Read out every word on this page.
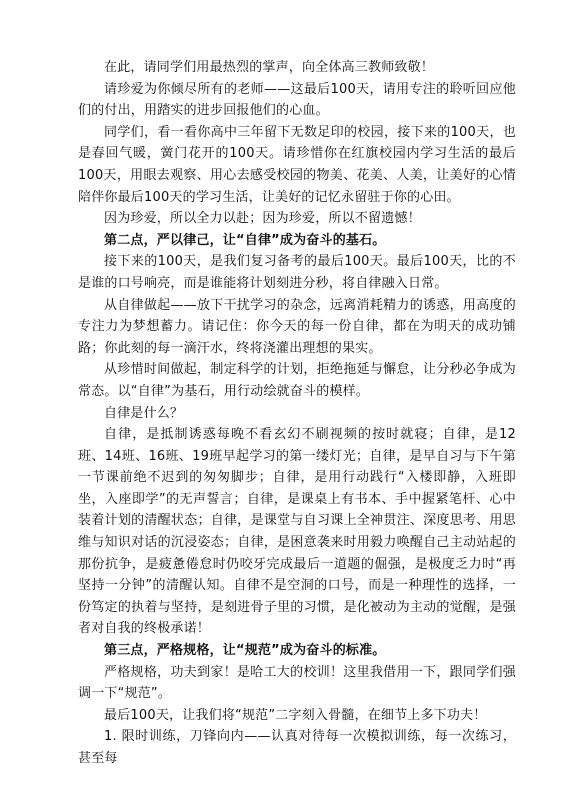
在此，请同学们用最热烈的掌声，向全体高三教师致敬！

请珍爱为你倾尽所有的老师——这最后100天，请用专注的聆听回应他们的付出，用踏实的进步回报他们的心血。

同学们，看一看你高中三年留下无数足印的校园，接下来的100天，也是春回气暖，黉门花开的100天。请珍惜你在红旗校园内学习生活的最后100天，用眼去观察、用心去感受校园的物美、花美、人美，让美好的心情陪伴你最后100天的学习生活，让美好的记忆永留驻于你的心田。

因为珍爱，所以全力以赴；因为珍爱，所以不留遗憾！

第二点，严以律己，让“自律”成为奋斗的基石。

接下来的100天，是我们复习备考的最后100天。最后100天，比的不是谁的口号响亮，而是谁能将计划刻进分秒，将自律融入日常。

从自律做起——放下干扰学习的杂念，远离消耗精力的诱惑，用高度的专注力为梦想蓄力。请记住：你今天的每一份自律，都在为明天的成功铺路；你此刻的每一滴汗水，终将浇灌出理想的果实。

从珍惜时间做起，制定科学的计划，拒绝拖延与懈怠，让分秒必争成为常态。以“自律”为基石，用行动绘就奋斗的模样。

自律是什么？

自律，是抵制诱惑每晚不看玄幻不刷视频的按时就寝；自律，是12班、14班、16班、19班早起学习的第一缕灯光；自律，是早自习与下午第一节课前绝不迟到的匆匆脚步；自律，是用行动践行“入楼即静，入班即坐，入座即学”的无声誓言；自律，是课桌上有书本、手中握紧笔杆、心中装着计划的清醒状态；自律，是课堂与自习课上全神贯注、深度思考、用思维与知识对话的沉浸姿态；自律，是困意袭来时用毅力唤醒自己主动站起的那份抗争，是疲惫倦怠时仍咬牙完成最后一道题的倔强，是极度乏力时“再坚持一分钟”的清醒认知。自律不是空洞的口号，而是一种理性的选择，一份笃定的执着与坚持，是刻进骨子里的习惯，是化被动为主动的觉醒，是强者对自我的终极承诺！

第三点，严格规格，让“规范”成为奋斗的标准。

严格规格，功夫到家！是哈工大的校训！这里我借用一下，跟同学们强调一下“规范”。

最后100天，让我们将“规范”二字刻入骨髓，在细节上多下功夫！

1. 限时训练，刀锋向内——认真对待每一次模拟训练，每一次练习，甚至每
